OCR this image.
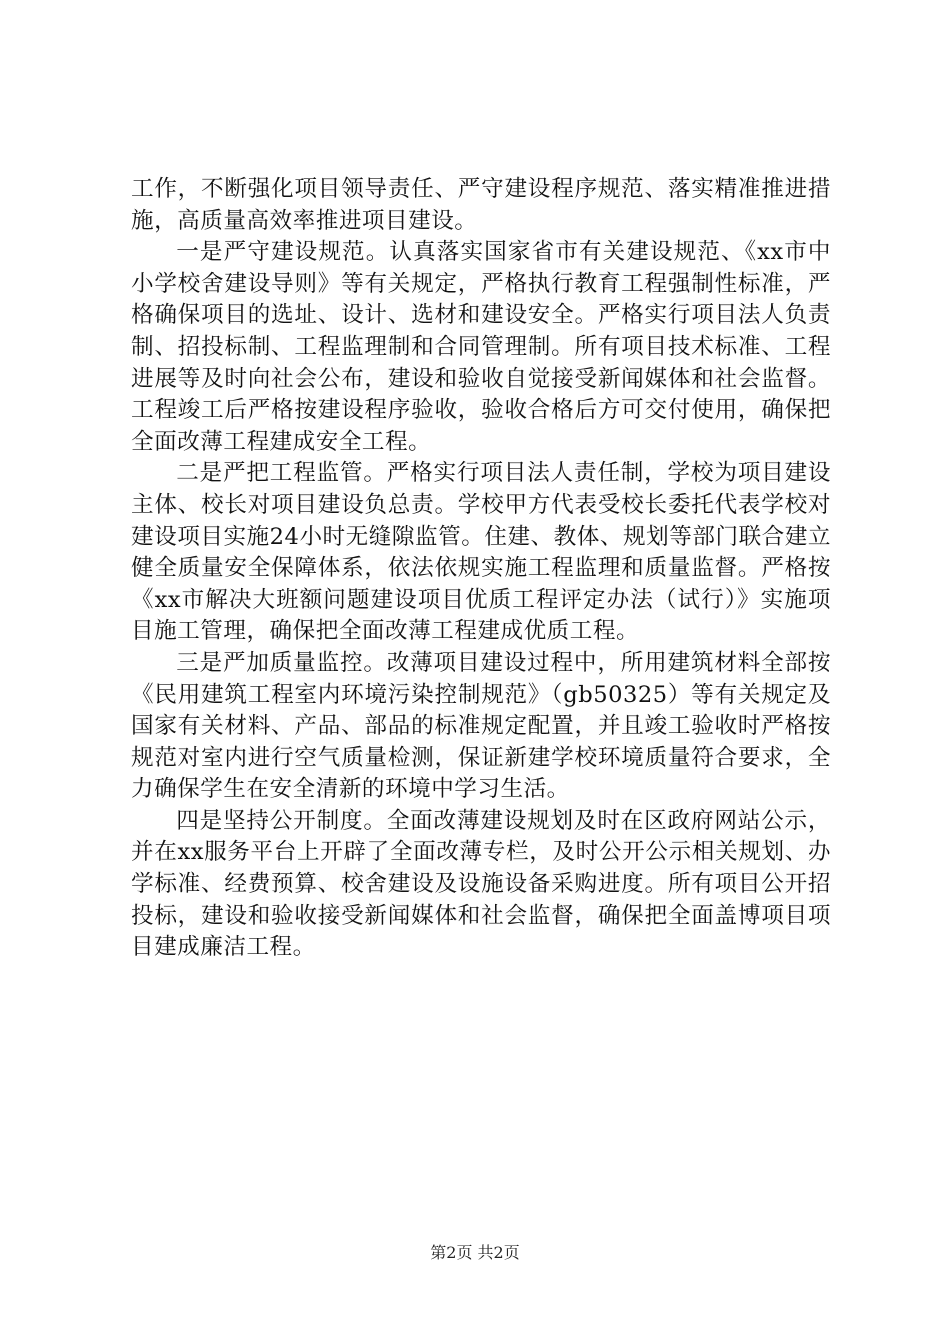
工作，不断强化项目领导责任、严守建设程序规范、落实精准推进措施，高质量高效率推进项目建设。

一是严守建设规范。认真落实国家省市有关建设规范、《xx市中小学校舍建设导则》等有关规定，严格执行教育工程强制性标准，严格确保项目的选址、设计、选材和建设安全。严格实行项目法人负责制、招投标制、工程监理制和合同管理制。所有项目技术标准、工程进展等及时向社会公布，建设和验收自觉接受新闻媒体和社会监督。工程竣工后严格按建设程序验收，验收合格后方可交付使用，确保把全面改薄工程建成安全工程。

二是严把工程监管。严格实行项目法人责任制，学校为项目建设主体、校长对项目建设负总责。学校甲方代表受校长委托代表学校对建设项目实施24小时无缝隙监管。住建、教体、规划等部门联合建立健全质量安全保障体系，依法依规实施工程监理和质量监督。严格按《xx市解决大班额问题建设项目优质工程评定办法（试行）》实施项目施工管理，确保把全面改薄工程建成优质工程。

三是严加质量监控。改薄项目建设过程中，所用建筑材料全部按《民用建筑工程室内环境污染控制规范》（gb50325）等有关规定及国家有关材料、产品、部品的标准规定配置，并且竣工验收时严格按规范对室内进行空气质量检测，保证新建学校环境质量符合要求，全力确保学生在安全清新的环境中学习生活。

四是坚持公开制度。全面改薄建设规划及时在区政府网站公示，并在xx服务平台上开辟了全面改薄专栏，及时公开公示相关规划、办学标准、经费预算、校舍建设及设施设备采购进度。所有项目公开招投标，建设和验收接受新闻媒体和社会监督，确保把全面盖博项目项目建成廉洁工程。

第2页 共2页
